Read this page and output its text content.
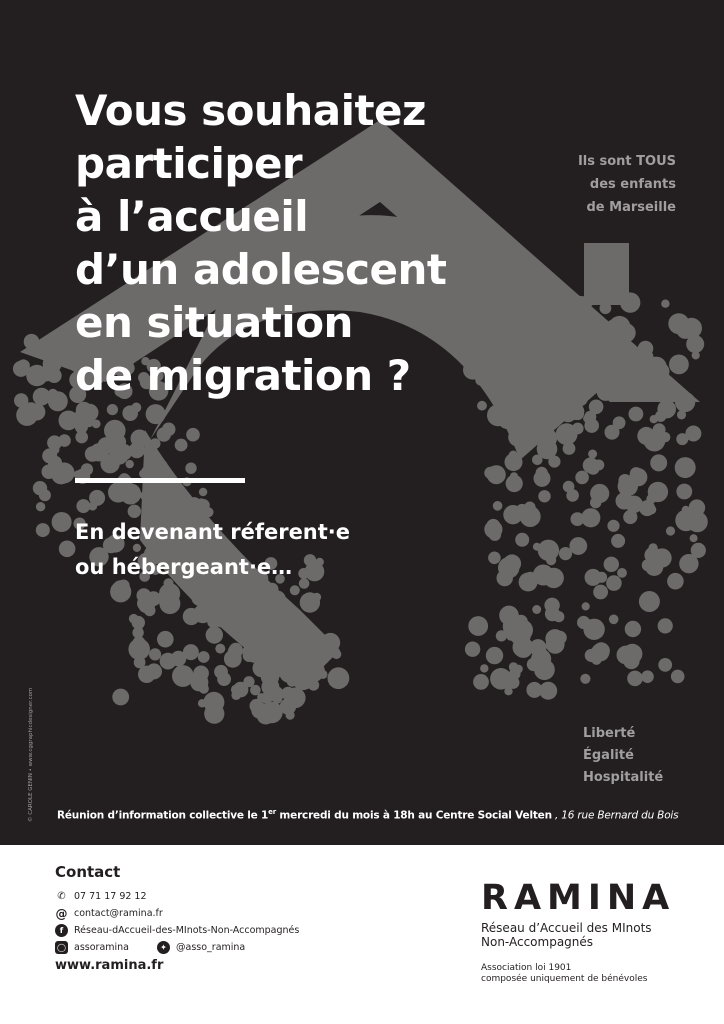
Vous souhaitez
participer
à l’accueil
d’un adolescent
en situation
de migration ?
En devenant réferent·e
ou hébergeant·e…
Ils sont TOUS
des enfants
de Marseille
Liberté
Égalité
Hospitalité
© CAROLE GENIN • www.cggraphicdesigner.com Réunion d’information collective le 1er mercredi du mois à 18h au Centre Social Velten , 16 rue Bernard du Bois
Contact
✆ 07 71 17 92 12
@ contact@ramina.fr
f	Réseau-dAccueil-des-MInots-Non-Accompagnés
◯ assoramina	✦ @asso_ramina
www.ramina.fr
RAMINA
Réseau d’Accueil des MInots
Non-Accompagnés
Association loi 1901
composée uniquement de bénévoles
